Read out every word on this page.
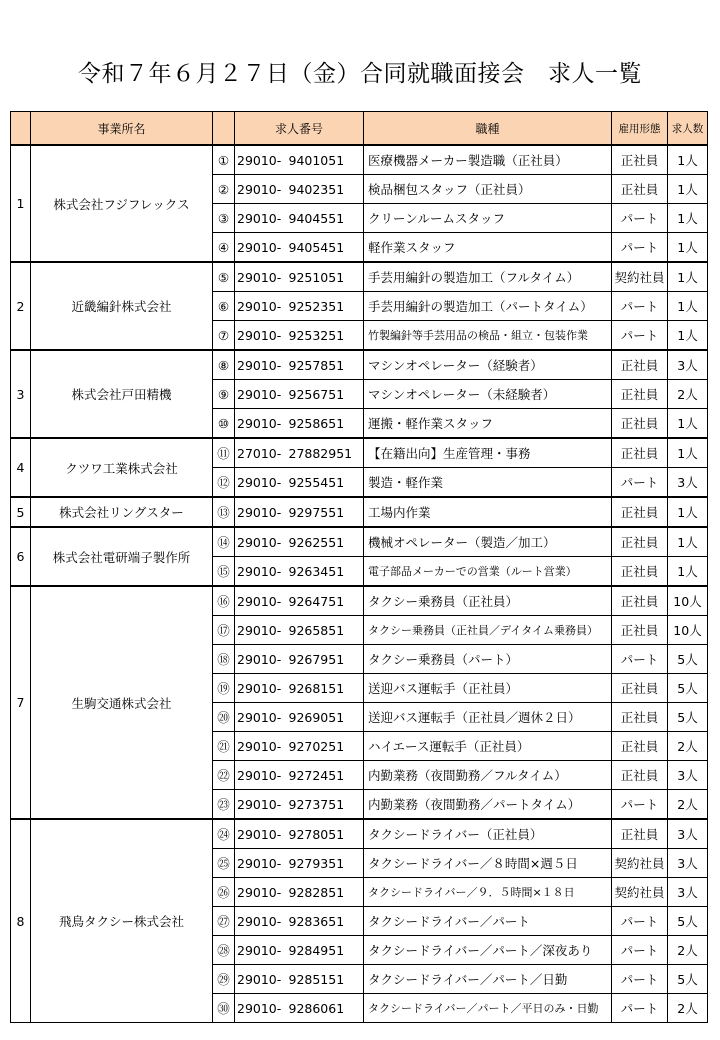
令和７年６月２７日（金）合同就職面接会　求人一覧
	事業所名		求人番号		職種	雇用形態	求人数
1	株式会社フジフレックス	①	29010-	9401051	医療機器メーカー製造職（正社員）	正社員	1人
		②	29010-	9402351	検品梱包スタッフ（正社員）	正社員	1人
		③	29010-	9404551	クリーンルームスタッフ	パート	1人
		④	29010-	9405451	軽作業スタッフ	パート	1人
2	近畿編針株式会社	⑤	29010-	9251051	手芸用編針の製造加工（フルタイム）	契約社員	1人
		⑥	29010-	9252351	手芸用編針の製造加工（パートタイム）	パート	1人
		⑦	29010-	9253251	竹製編針等手芸用品の検品・組立・包装作業	パート	1人
3	株式会社戸田精機	⑧	29010-	9257851	マシンオペレーター（経験者）	正社員	3人
		⑨	29010-	9256751	マシンオペレーター（未経験者）	正社員	2人
		⑩	29010-	9258651	運搬・軽作業スタッフ	正社員	1人
4	クツワ工業株式会社	⑪	27010-	27882951	【在籍出向】生産管理・事務	正社員	1人
		⑫	29010-	9255451	製造・軽作業	パート	3人
5	株式会社リングスター	⑬	29010-	9297551	工場内作業	正社員	1人
6	株式会社電研端子製作所	⑭	29010-	9262551	機械オペレーター（製造／加工）	正社員	1人
		⑮	29010-	9263451	電子部品メーカーでの営業（ルート営業）	正社員	1人
7	生駒交通株式会社	⑯	29010-	9264751	タクシー乗務員（正社員）	正社員	10人
		⑰	29010-	9265851	タクシー乗務員（正社員／デイタイム乗務員）	正社員	10人
		⑱	29010-	9267951	タクシー乗務員（パート）	パート	5人
		⑲	29010-	9268151	送迎バス運転手（正社員）	正社員	5人
		⑳	29010-	9269051	送迎バス運転手（正社員／週休２日）	正社員	5人
		㉑	29010-	9270251	ハイエース運転手（正社員）	正社員	2人
		㉒	29010-	9272451	内勤業務（夜間勤務／フルタイム）	正社員	3人
		㉓	29010-	9273751	内勤業務（夜間勤務／パートタイム）	パート	2人
8	飛鳥タクシー株式会社	㉔	29010-	9278051	タクシードライバー（正社員）	正社員	3人
		㉕	29010-	9279351	タクシードライバー／８時間×週５日	契約社員	3人
		㉖	29010-	9282851	タクシードライバー／９．５時間×１８日	契約社員	3人
		㉗	29010-	9283651	タクシードライバー／パート	パート	5人
		㉘	29010-	9284951	タクシードライバー／パート／深夜あり	パート	2人
		㉙	29010-	9285151	タクシードライバー／パート／日勤	パート	5人
		㉚	29010-	9286061	タクシードライバー／パート／平日のみ・日勤	パート	2人
